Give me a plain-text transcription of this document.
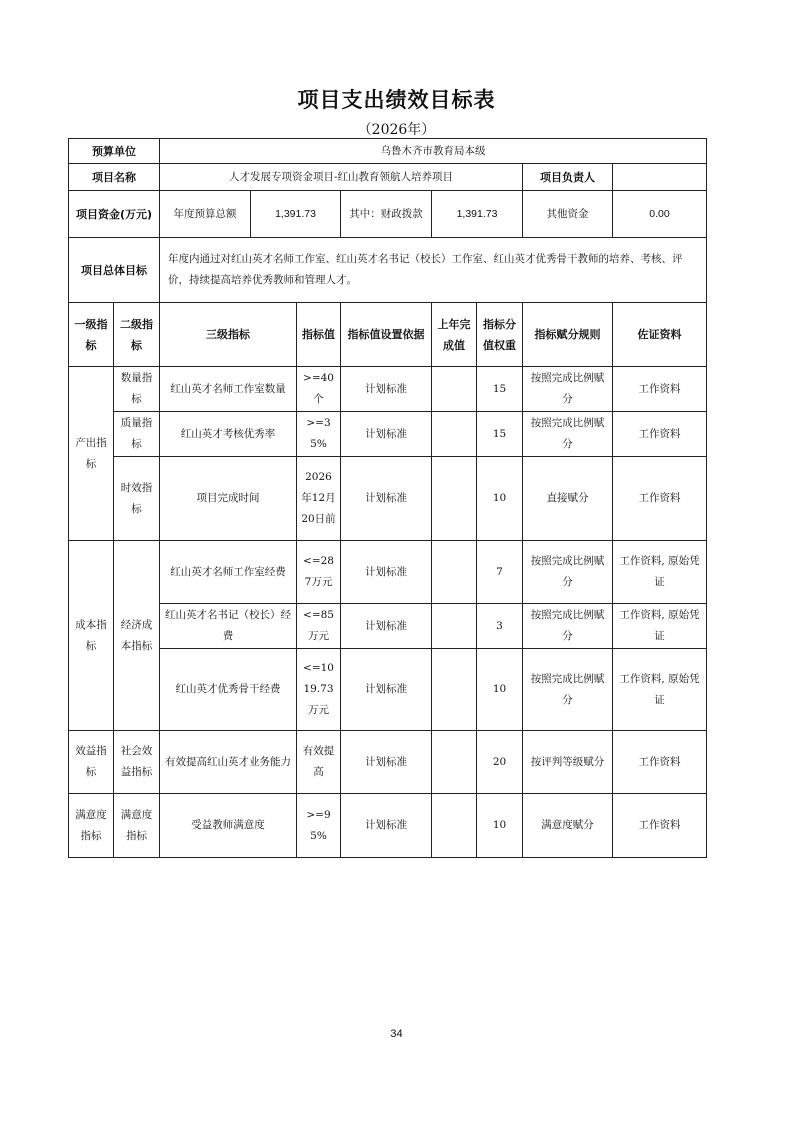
项目支出绩效目标表
（2026年）
预算单位		乌鲁木齐市教育局本级							
项目名称		人才发展专项资金项目-红山教育领航人培养项目						项目负责人	
项目资金(万元)		年度预算总额	1,391.73		其中：财政拨款	1,391.73		其他资金	0.00
项目总体目标		年度内通过对红山英才名师工作室、红山英才名书记（校长）工作室、红山英才优秀骨干教师的培养、考核、评价，持续提高培养优秀教师和管理人才。							
一级指标	二级指标	三级指标		指标值	指标值设置依据	上年完成值	指标分值权重	指标赋分规则	佐证资料
产出指标	数量指标	红山英才名师工作室数量		>=40个	计划标准		15	按照完成比例赋分	工作资料
	质量指标	红山英才考核优秀率		>=35%	计划标准		15	按照完成比例赋分	工作资料
	时效指标	项目完成时间		2026年12月20日前	计划标准		10	直接赋分	工作资料
成本指标	经济成本指标	红山英才名师工作室经费		<=287万元	计划标准		7	按照完成比例赋分	工作资料, 原始凭证
		红山英才名书记（校长）经费		<=85万元	计划标准		3	按照完成比例赋分	工作资料, 原始凭证
		红山英才优秀骨干经费		<=1019.73万元	计划标准		10	按照完成比例赋分	工作资料, 原始凭证
效益指标	社会效益指标	有效提高红山英才业务能力		有效提高	计划标准		20	按评判等级赋分	工作资料
满意度指标	满意度指标	受益教师满意度		>=95%	计划标准		10	满意度赋分	工作资料
34
